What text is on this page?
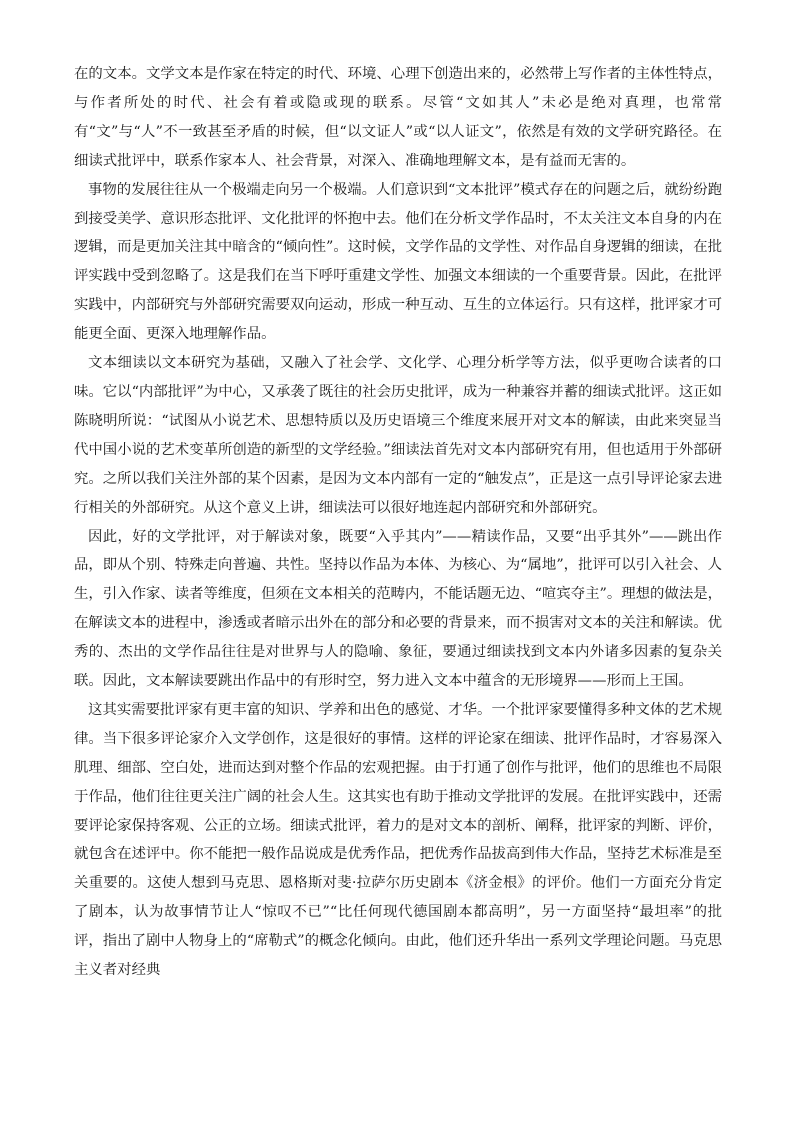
在的文本。文学文本是作家在特定的时代、环境、心理下创造出来的，必然带上写作者的主体性特点，与作者所处的时代、社会有着或隐或现的联系。尽管“文如其人”未必是绝对真理，也常常有“文”与“人”不一致甚至矛盾的时候，但“以文证人”或“以人证文”，依然是有效的文学研究路径。在细读式批评中，联系作家本人、社会背景，对深入、准确地理解文本，是有益而无害的。

事物的发展往往从一个极端走向另一个极端。人们意识到“文本批评”模式存在的问题之后，就纷纷跑到接受美学、意识形态批评、文化批评的怀抱中去。他们在分析文学作品时，不太关注文本自身的内在逻辑，而是更加关注其中暗含的“倾向性”。这时候，文学作品的文学性、对作品自身逻辑的细读，在批评实践中受到忽略了。这是我们在当下呼吁重建文学性、加强文本细读的一个重要背景。因此，在批评实践中，内部研究与外部研究需要双向运动，形成一种互动、互生的立体运行。只有这样，批评家才可能更全面、更深入地理解作品。

文本细读以文本研究为基础，又融入了社会学、文化学、心理分析学等方法，似乎更吻合读者的口味。它以“内部批评”为中心，又承袭了既往的社会历史批评，成为一种兼容并蓄的细读式批评。这正如陈晓明所说：“试图从小说艺术、思想特质以及历史语境三个维度来展开对文本的解读，由此来突显当代中国小说的艺术变革所创造的新型的文学经验。”细读法首先对文本内部研究有用，但也适用于外部研究。之所以我们关注外部的某个因素，是因为文本内部有一定的“触发点”，正是这一点引导评论家去进行相关的外部研究。从这个意义上讲，细读法可以很好地连起内部研究和外部研究。

因此，好的文学批评，对于解读对象，既要“入乎其内”——精读作品，又要“出乎其外”——跳出作品，即从个别、特殊走向普遍、共性。坚持以作品为本体、为核心、为“属地”，批评可以引入社会、人生，引入作家、读者等维度，但须在文本相关的范畴内，不能话题无边、“喧宾夺主”。理想的做法是，在解读文本的进程中，渗透或者暗示出外在的部分和必要的背景来，而不损害对文本的关注和解读。优秀的、杰出的文学作品往往是对世界与人的隐喻、象征，要通过细读找到文本内外诸多因素的复杂关联。因此，文本解读要跳出作品中的有形时空，努力进入文本中蕴含的无形境界——形而上王国。

这其实需要批评家有更丰富的知识、学养和出色的感觉、才华。一个批评家要懂得多种文体的艺术规律。当下很多评论家介入文学创作，这是很好的事情。这样的评论家在细读、批评作品时，才容易深入肌理、细部、空白处，进而达到对整个作品的宏观把握。由于打通了创作与批评，他们的思维也不局限于作品，他们往往更关注广阔的社会人生。这其实也有助于推动文学批评的发展。在批评实践中，还需要评论家保持客观、公正的立场。细读式批评，着力的是对文本的剖析、阐释，批评家的判断、评价，就包含在述评中。你不能把一般作品说成是优秀作品，把优秀作品拔高到伟大作品，坚持艺术标准是至关重要的。这使人想到马克思、恩格斯对斐·拉萨尔历史剧本《济金根》的评价。他们一方面充分肯定了剧本，认为故事情节让人“惊叹不已”“比任何现代德国剧本都高明”，另一方面坚持“最坦率”的批评，指出了剧中人物身上的“席勒式”的概念化倾向。由此，他们还升华出一系列文学理论问题。马克思主义者对经典
